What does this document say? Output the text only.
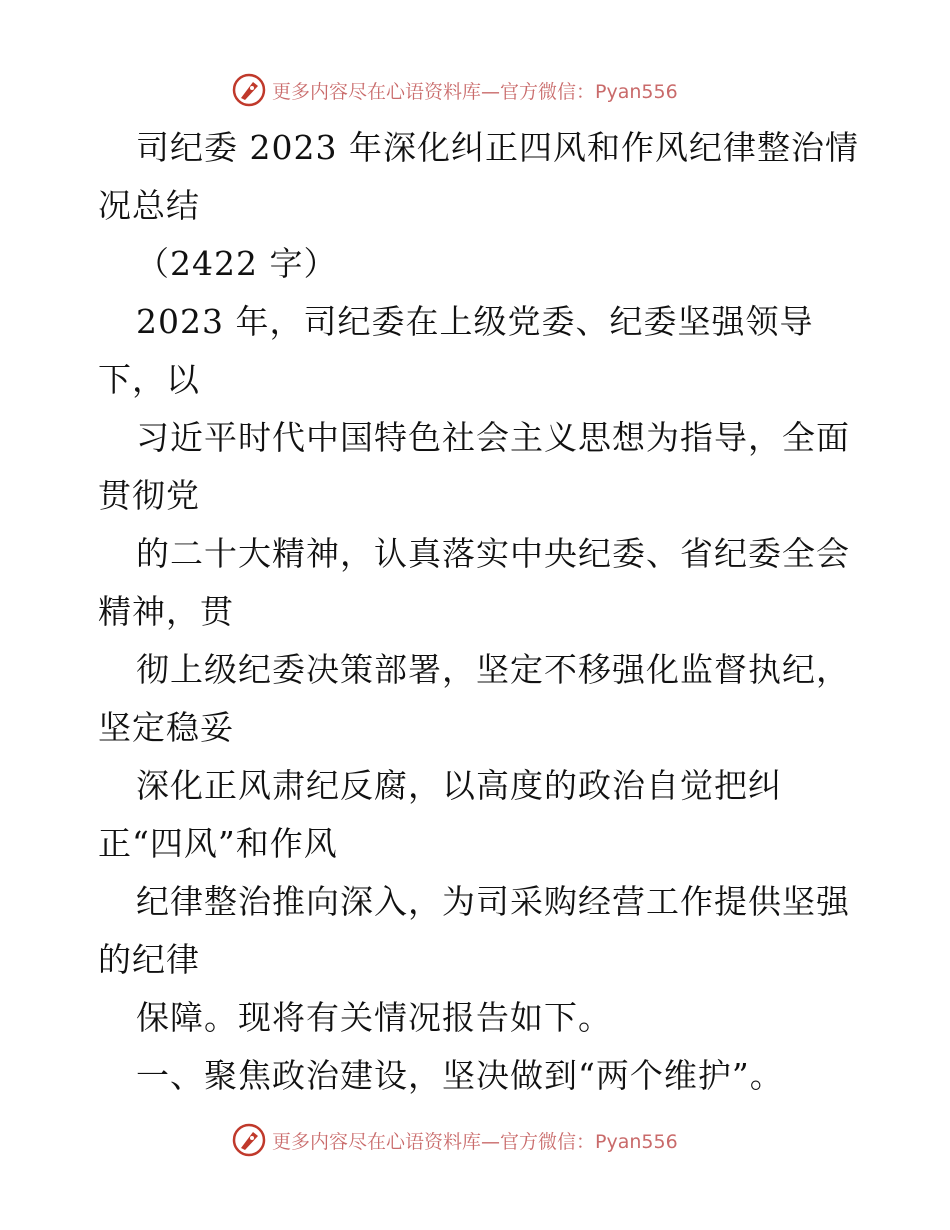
更多内容尽在心语资料库—官方微信：Pyan556
司纪委 2023 年深化纠正四风和作风纪律整治情
况总结
（2422 字）
2023 年，司纪委在上级党委、纪委坚强领导
下，以
习近平时代中国特色社会主义思想为指导，全面
贯彻党
的二十大精神，认真落实中央纪委、省纪委全会
精神，贯
彻上级纪委决策部署，坚定不移强化监督执纪，
坚定稳妥
深化正风肃纪反腐，以高度的政治自觉把纠
正“四风”和作风
纪律整治推向深入，为司采购经营工作提供坚强
的纪律
保障。现将有关情况报告如下。
一、聚焦政治建设，坚决做到“两个维护”。
更多内容尽在心语资料库—官方微信：Pyan556
